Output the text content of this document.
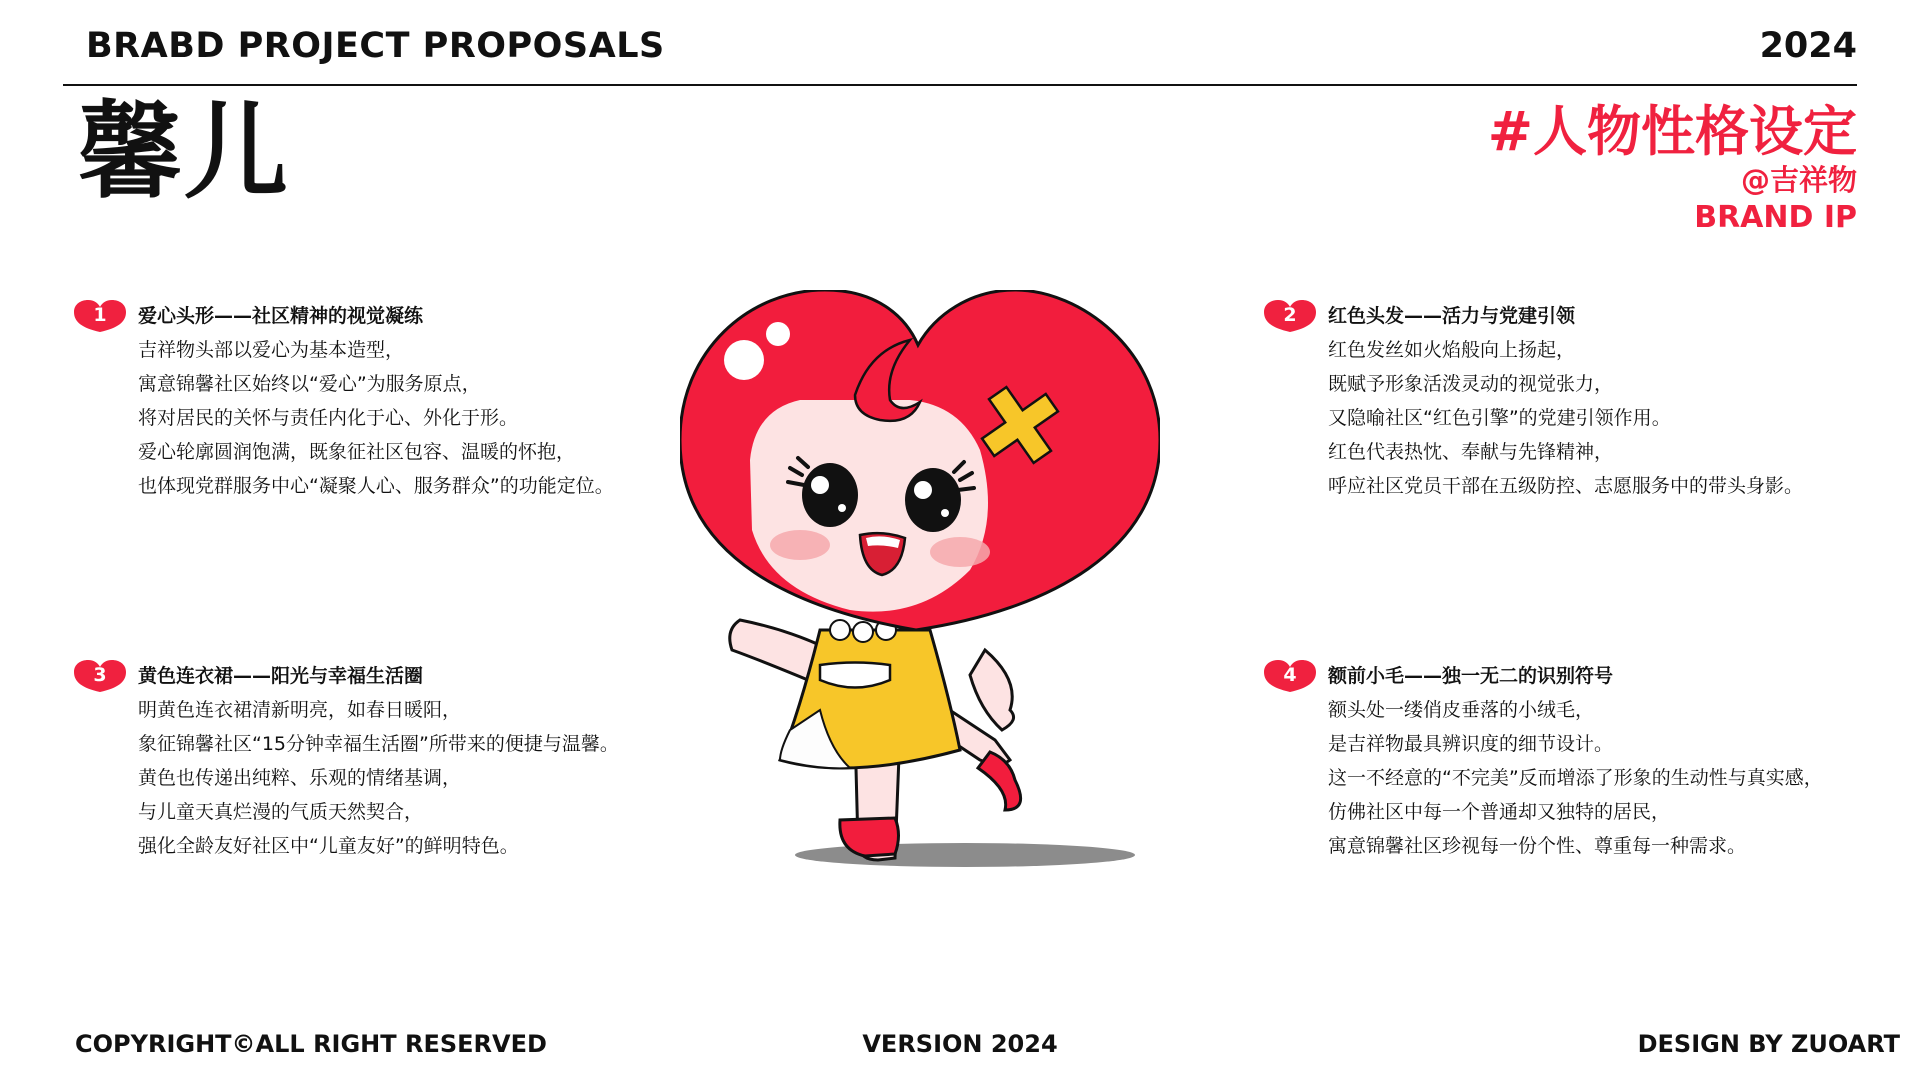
BRABD PROJECT PROPOSALS	2024
馨儿	#人物性格设定
@吉祥物
BRAND IP
1	爱心头形——社区精神的视觉凝练
吉祥物头部以爱心为基本造型，
寓意锦馨社区始终以“爱心”为服务原点，
将对居民的关怀与责任内化于心、外化于形。
爱心轮廓圆润饱满，既象征社区包容、温暖的怀抱，
也体现党群服务中心“凝聚人心、服务群众”的功能定位。
2	红色头发——活力与党建引领
红色发丝如火焰般向上扬起，
既赋予形象活泼灵动的视觉张力，
又隐喻社区“红色引擎”的党建引领作用。
红色代表热忱、奉献与先锋精神，
呼应社区党员干部在五级防控、志愿服务中的带头身影。
3	黄色连衣裙——阳光与幸福生活圈
明黄色连衣裙清新明亮，如春日暖阳，
象征锦馨社区“15分钟幸福生活圈”所带来的便捷与温馨。
黄色也传递出纯粹、乐观的情绪基调，
与儿童天真烂漫的气质天然契合，
强化全龄友好社区中“儿童友好”的鲜明特色。
4	额前小毛——独一无二的识别符号
额头处一缕俏皮垂落的小绒毛，
是吉祥物最具辨识度的细节设计。
这一不经意的“不完美”反而增添了形象的生动性与真实感，
仿佛社区中每一个普通却又独特的居民，
寓意锦馨社区珍视每一份个性、尊重每一种需求。
COPYRIGHT©ALL RIGHT RESERVED	VERSION 2024	DESIGN BY ZUOART
